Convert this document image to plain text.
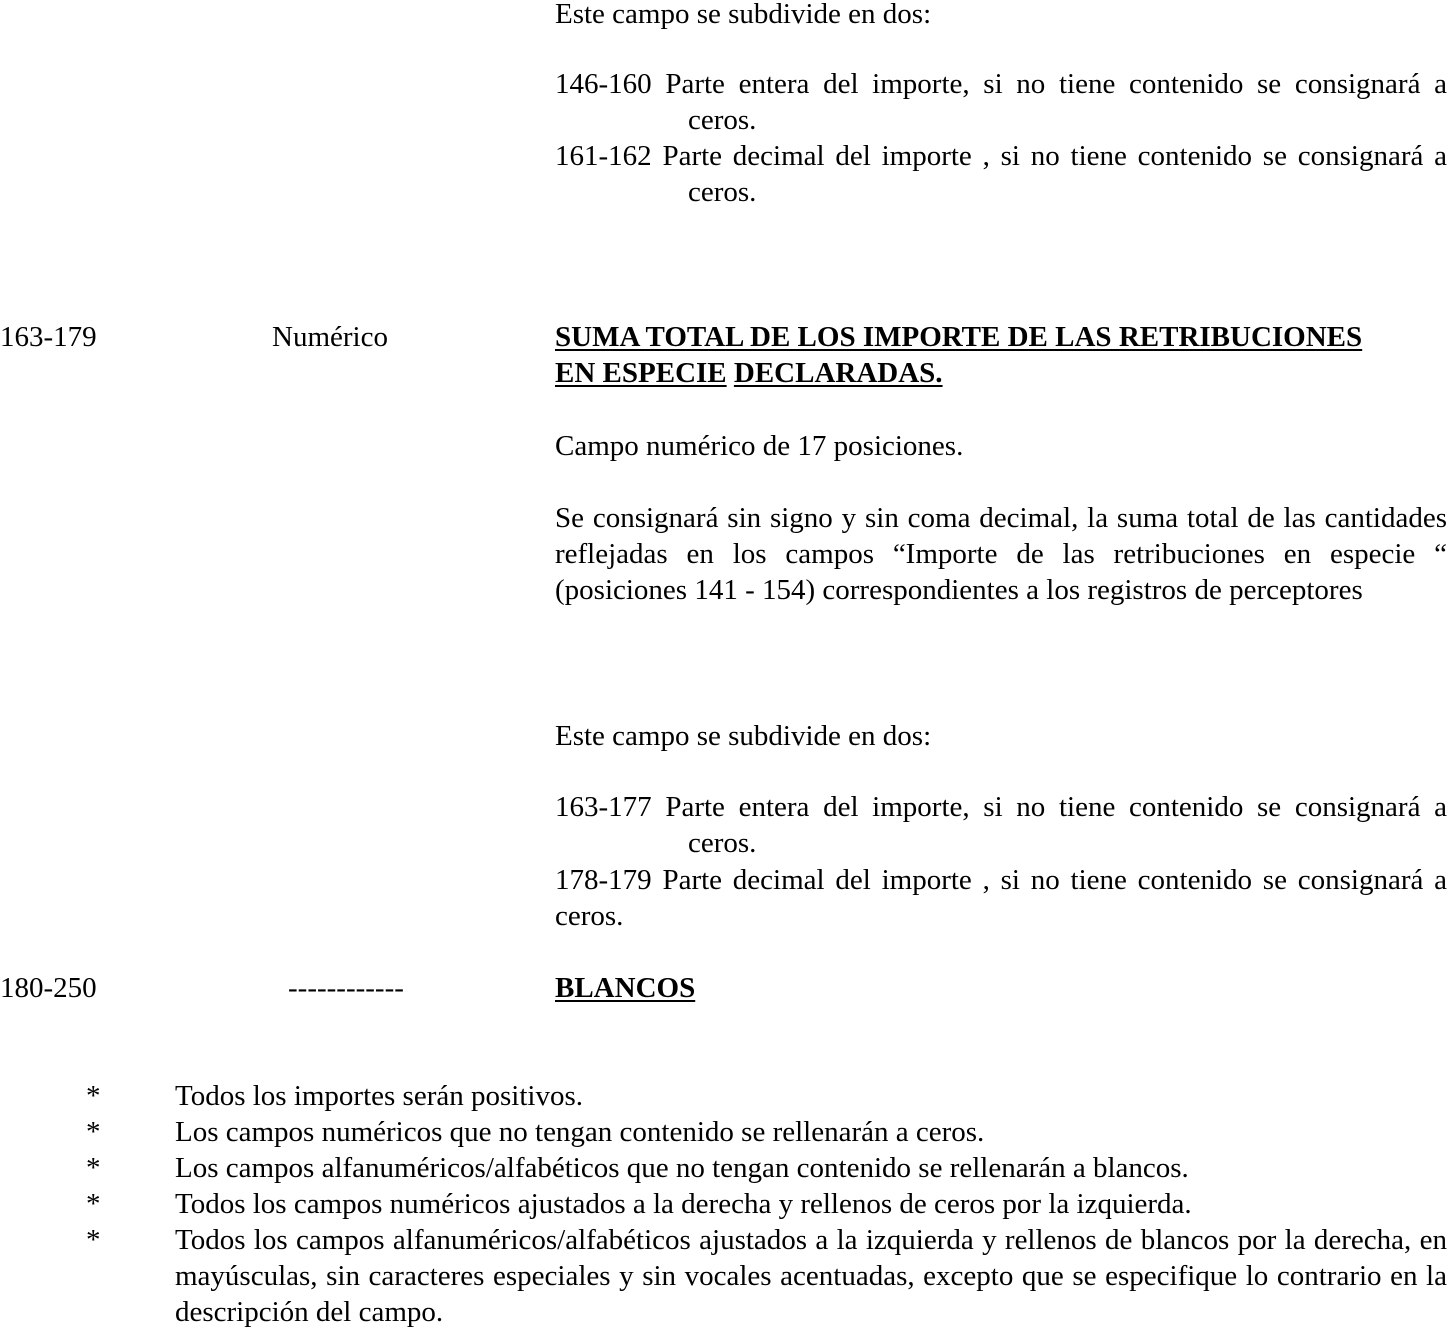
Este campo se subdivide en dos:

146-160 Parte entera del importe, si no tiene contenido se consignará a
ceros.
161-162 Parte decimal del importe , si no tiene contenido se consignará a
ceros.

163-179	Numérico	SUMA TOTAL DE LOS IMPORTE DE LAS RETRIBUCIONES
EN ESPECIE DECLARADAS.

Campo numérico de 17 posiciones.

Se consignará sin signo y sin coma decimal, la suma total de las cantidades reflejadas en los campos “Importe de las retribuciones en especie “ (posiciones 141 - 154) correspondientes a los registros de perceptores

Este campo se subdivide en dos:

163-177 Parte entera del importe, si no tiene contenido se consignará a
ceros.
178-179 Parte decimal del importe , si no tiene contenido se consignará a
ceros.

180-250	------------	BLANCOS

*	Todos los importes serán positivos.
*	Los campos numéricos que no tengan contenido se rellenarán a ceros.
*	Los campos alfanuméricos/alfabéticos que no tengan contenido se rellenarán a blancos.
*	Todos los campos numéricos ajustados a la derecha y rellenos de ceros por la izquierda.
*	Todos los campos alfanuméricos/alfabéticos ajustados a la izquierda y rellenos de blancos por la derecha, en mayúsculas, sin caracteres especiales y sin vocales acentuadas, excepto que se especifique lo contrario en la descripción del campo.
